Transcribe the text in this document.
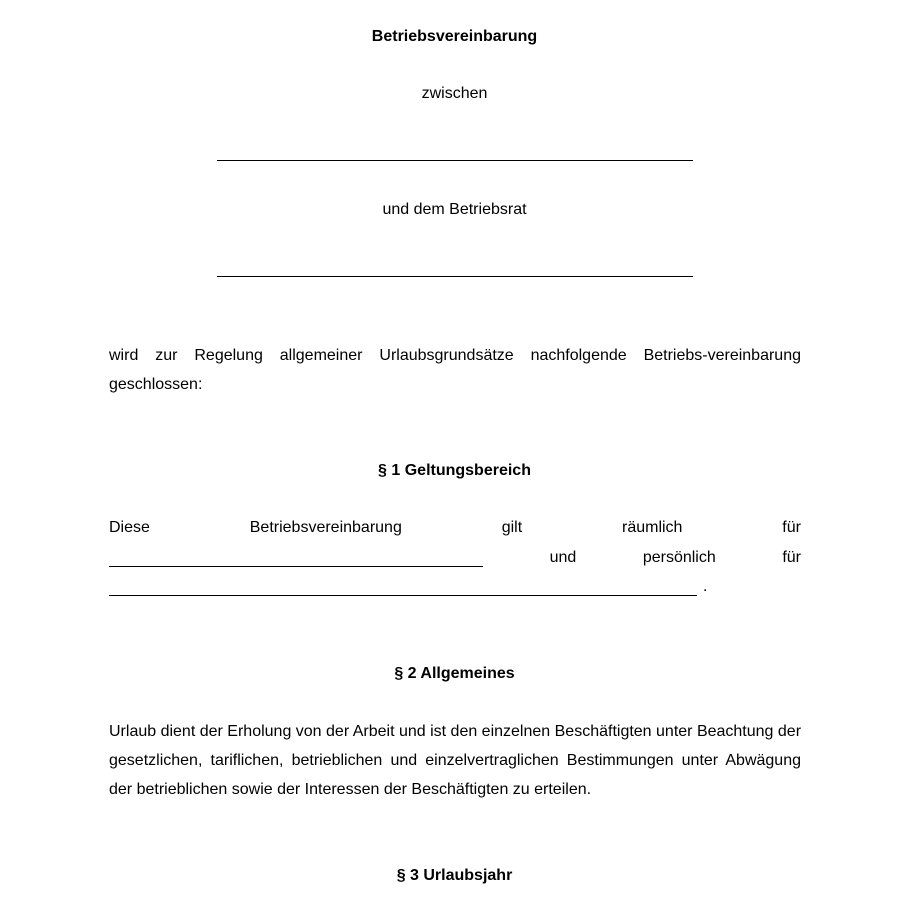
Betriebsvereinbarung
zwischen
und dem Betriebsrat
wird zur Regelung allgemeiner Urlaubsgrundsätze nachfolgende Betriebs-vereinbarung geschlossen:
§ 1 Geltungsbereich
Diese	Betriebsvereinbarung	gilt	räumlich	für
und	persönlich	für
.
§ 2 Allgemeines
Urlaub dient der Erholung von der Arbeit und ist den einzelnen Beschäftigten unter Beachtung der gesetzlichen, tariflichen, betrieblichen und einzelvertraglichen Bestimmungen unter Abwägung der betrieblichen sowie der Interessen der Beschäftigten zu erteilen.
§ 3 Urlaubsjahr
